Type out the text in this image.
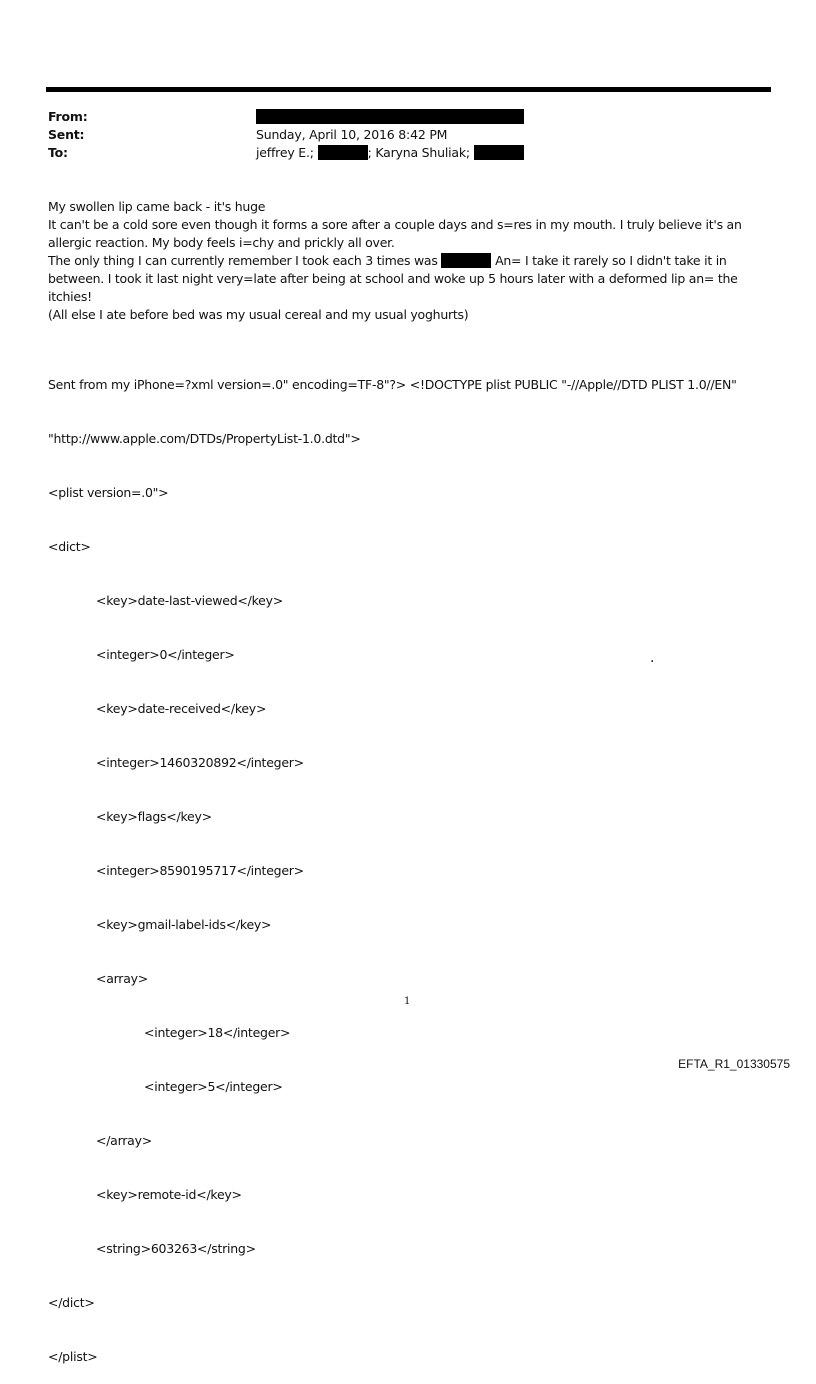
From:
Sent:	Sunday, April 10, 2016 8:42 PM
To:	jeffrey E.;	; Karyna Shuliak;

My swollen lip came back - it's huge

It can't be a cold sore even though it forms a sore after a couple days and s=res in my mouth. I truly believe it's an allergic reaction. My body feels i=chy and prickly all over.

The only thing I can currently remember I took each 3 times was	An= I take it rarely so I didn't take it in between. I took it last night very=late after being at school and woke up 5 hours later with a deformed lip an= the itchies!

(All else I ate before bed was my usual cereal and my usual yoghurts)

Sent from my iPhone=?xml version=.0" encoding=TF-8"?> <!DOCTYPE plist PUBLIC "-//Apple//DTD PLIST 1.0//EN"

"http://www.apple.com/DTDs/PropertyList-1.0.dtd">

<plist version=.0">

<dict>

<key>date-last-viewed</key>

<integer>0</integer>

<key>date-received</key>

<integer>1460320892</integer>

<key>flags</key>

<integer>8590195717</integer>

<key>gmail-label-ids</key>

<array>

<integer>18</integer>

<integer>5</integer>

</array>

<key>remote-id</key>

<string>603263</string>

</dict>

</plist>

.
1
EFTA_R1_01330575
